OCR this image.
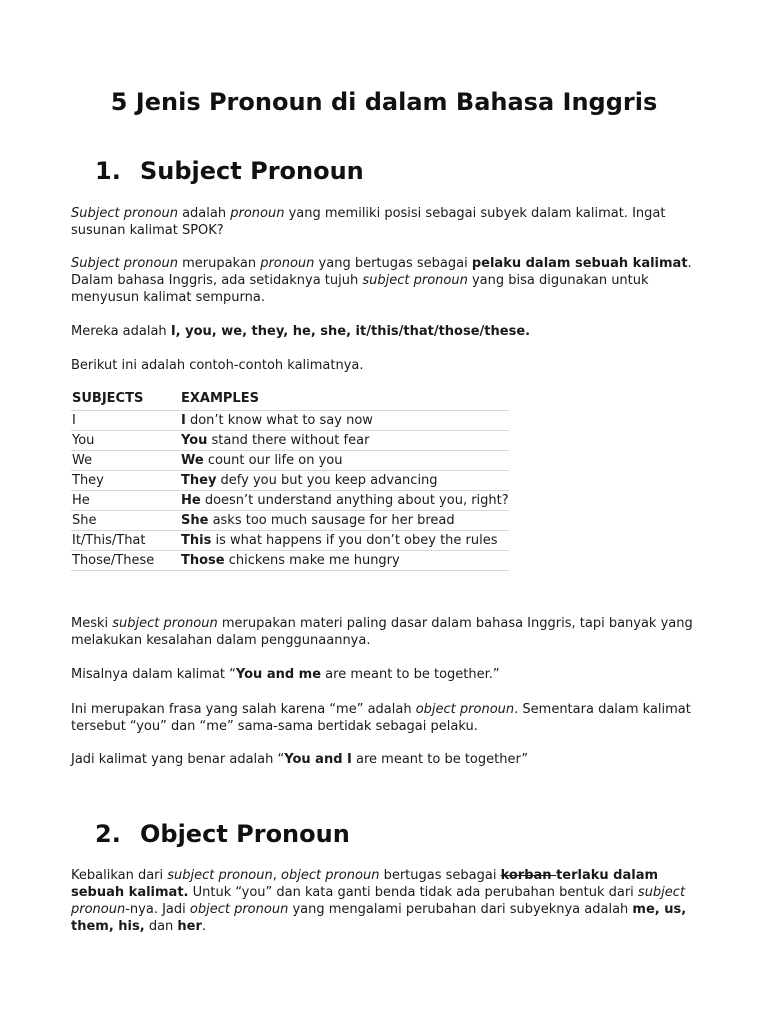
5 Jenis Pronoun di dalam Bahasa Inggris
1. Subject Pronoun

Subject pronoun adalah pronoun yang memiliki posisi sebagai subyek dalam kalimat. Ingat susunan kalimat SPOK?

Subject pronoun merupakan pronoun yang bertugas sebagai pelaku dalam sebuah kalimat. Dalam bahasa Inggris, ada setidaknya tujuh subject pronoun yang bisa digunakan untuk menyusun kalimat sempurna.

Mereka adalah I, you, we, they, he, she, it/this/that/those/these.

Berikut ini adalah contoh-contoh kalimatnya.

SUBJECTS	EXAMPLES
I	I don’t know what to say now
You	You stand there without fear
We	We count our life on you
They	They defy you but you keep advancing
He	He doesn’t understand anything about you, right?
She	She asks too much sausage for her bread
It/This/That	This is what happens if you don’t obey the rules
Those/These	Those chickens make me hungry

Meski subject pronoun merupakan materi paling dasar dalam bahasa Inggris, tapi banyak yang melakukan kesalahan dalam penggunaannya.

Misalnya dalam kalimat “You and me are meant to be together.”

Ini merupakan frasa yang salah karena “me” adalah object pronoun. Sementara dalam kalimat tersebut “you” dan “me” sama-sama bertidak sebagai pelaku.

Jadi kalimat yang benar adalah “You and I are meant to be together”

2. Object Pronoun

Kebalikan dari subject pronoun, object pronoun bertugas sebagai korban terlaku dalam sebuah kalimat. Untuk “you” dan kata ganti benda tidak ada perubahan bentuk dari subject pronoun-nya. Jadi object pronoun yang mengalami perubahan dari subyeknya adalah me, us, them, his, dan her.
